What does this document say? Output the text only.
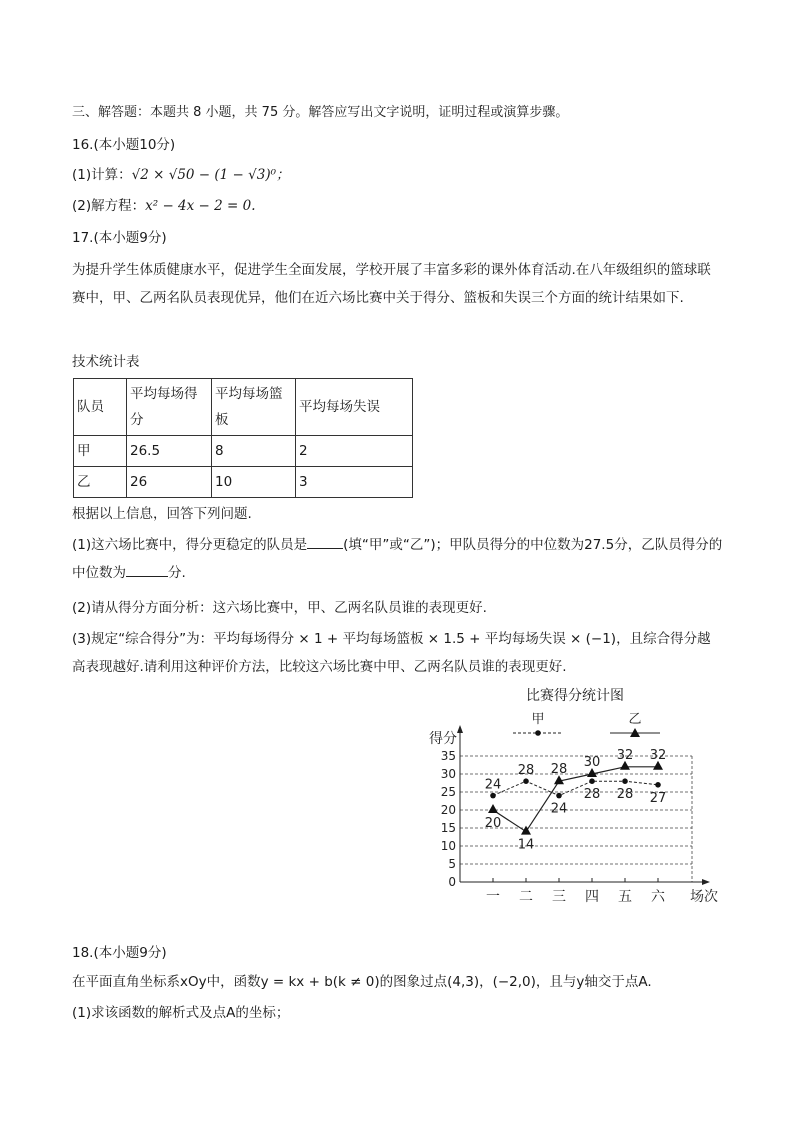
三、解答题：本题共 8 小题，共 75 分。解答应写出文字说明，证明过程或演算步骤。
16.(本小题10分)
(1)计算：√2 × √50 − (1 − √3)⁰；
(2)解方程：x² − 4x − 2 = 0.
17.(本小题9分)
为提升学生体质健康水平，促进学生全面发展，学校开展了丰富多彩的课外体育活动.在八年级组织的篮球联赛中，甲、乙两名队员表现优异，他们在近六场比赛中关于得分、篮板和失误三个方面的统计结果如下.
技术统计表
队员	平均每场得分	平均每场篮板	平均每场失误
甲	26.5	8	2
乙	26	10	3
根据以上信息，回答下列问题.
(1)这六场比赛中，得分更稳定的队员是	(填“甲”或“乙”)；甲队员得分的中位数为27.5分，乙队员得分的中位数为	分.
(2)请从得分方面分析：这六场比赛中，甲、乙两名队员谁的表现更好.
(3)规定“综合得分”为：平均每场得分 × 1 + 平均每场篮板 × 1.5 + 平均每场失误 × (−1)，且综合得分越高表现越好.请利用这种评价方法，比较这六场比赛中甲、乙两名队员谁的表现更好.
比赛得分统计图
0
5
10
15
20
25
30
35
得分
场次
一 二 三 四 五 六
甲	乙
24
28
24
28 28 27
20
14
28 30 32 32
18.(本小题9分)
在平面直角坐标系xOy中，函数y = kx + b(k ≠ 0)的图象过点(4,3)，(−2,0)，且与y轴交于点A.
(1)求该函数的解析式及点A的坐标；
